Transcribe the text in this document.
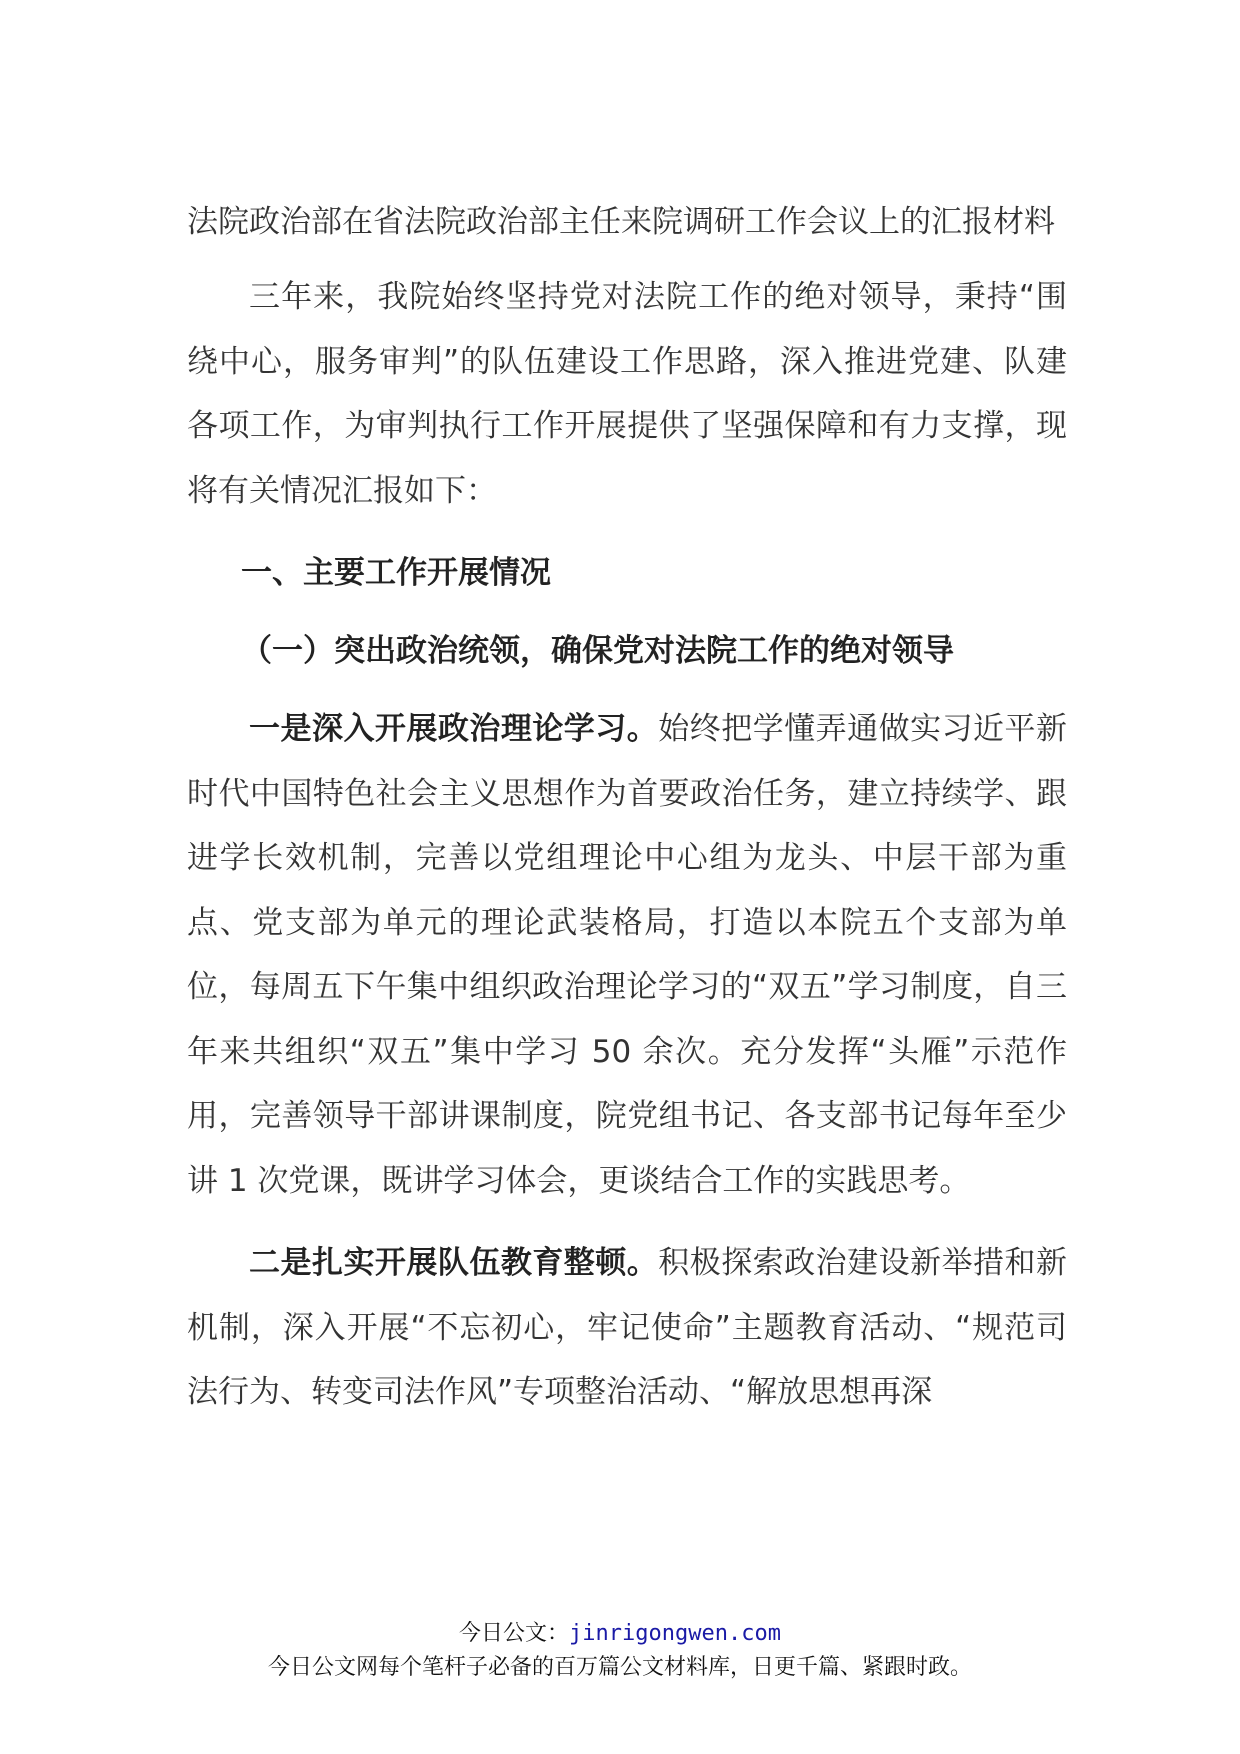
法院政治部在省法院政治部主任来院调研工作会议上的汇报材料

三年来，我院始终坚持党对法院工作的绝对领导，秉持“围绕中心，服务审判”的队伍建设工作思路，深入推进党建、队建各项工作，为审判执行工作开展提供了坚强保障和有力支撑，现将有关情况汇报如下：

一、主要工作开展情况

（一）突出政治统领，确保党对法院工作的绝对领导

一是深入开展政治理论学习。始终把学懂弄通做实习近平新时代中国特色社会主义思想作为首要政治任务，建立持续学、跟进学长效机制，完善以党组理论中心组为龙头、中层干部为重点、党支部为单元的理论武装格局，打造以本院五个支部为单位，每周五下午集中组织政治理论学习的“双五”学习制度，自三年来共组织“双五”集中学习 50 余次。充分发挥“头雁”示范作用，完善领导干部讲课制度，院党组书记、各支部书记每年至少讲 1 次党课，既讲学习体会，更谈结合工作的实践思考。

二是扎实开展队伍教育整顿。积极探索政治建设新举措和新机制，深入开展“不忘初心，牢记使命”主题教育活动、“规范司法行为、转变司法作风”专项整治活动、“解放思想再深

今日公文：jinrigongwen.com
今日公文网每个笔杆子必备的百万篇公文材料库，日更千篇、紧跟时政。
